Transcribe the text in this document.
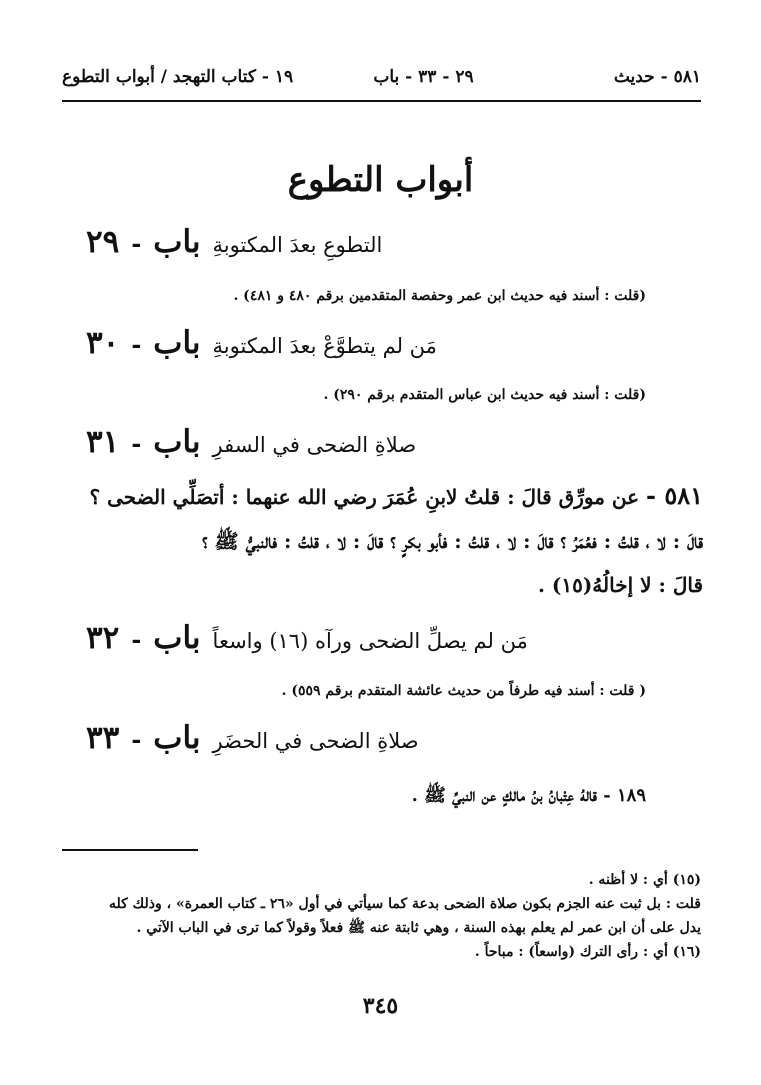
١٩ - كتاب التهجد / أبواب التطوع	٢٩ - ٣٣ - باب	٥٨١ - حديث
أبواب التطوع
٢٩ - باب التطوعِ بعدَ المكتوبةِ
(قلت : أسند فيه حديث ابن عمر وحفصة المتقدمين برقم ٤٨٠ و ٤٨١) .
٣٠ - باب مَن لم يتطوَّعْ بعدَ المكتوبةِ
(قلت : أسند فيه حديث ابن عباس المتقدم برقم ٢٩٠) .
٣١ - باب صلاةِ الضحى في السفرِ
٥٨١ - عن مورِّق قالَ : قلتُ لابنِ عُمَرَ رضي الله عنهما : أتصَلِّي الضحى ؟
قالَ : لا ، قلتُ : فعُمَرُ ؟ قالَ : لا ، قلتُ : فأبو بكرٍ ؟ قالَ : لا ، قلتُ : فالنبيُّ ﷺ ؟
قالَ : لا إخالُهُ(١٥) .
٣٢ - باب مَن لم يصلِّ الضحى ورآه (١٦) واسعاً
( قلت : أسند فيه طرفاً من حديث عائشة المتقدم برقم ٥٥٩) .
٣٣ - باب صلاةِ الضحى في الحضَرِ
١٨٩ - قالهُ عِتْبانُ بنُ مالكٍ عن النبيِّ ﷺ .

(١٥) أي : لا أظنه .

قلت : بل ثبت عنه الجزم بكون صلاة الضحى بدعة كما سيأتي في أول «٢٦ ـ كتاب العمرة» ، وذلك كله

يدل على أن ابن عمر لم يعلم بهذه السنة ، وهي ثابتة عنه ﷺ فعلاً وقولاً كما ترى في الباب الآتي .

(١٦) أي : رأى الترك (واسعاً) : مباحاً .

٣٤٥
